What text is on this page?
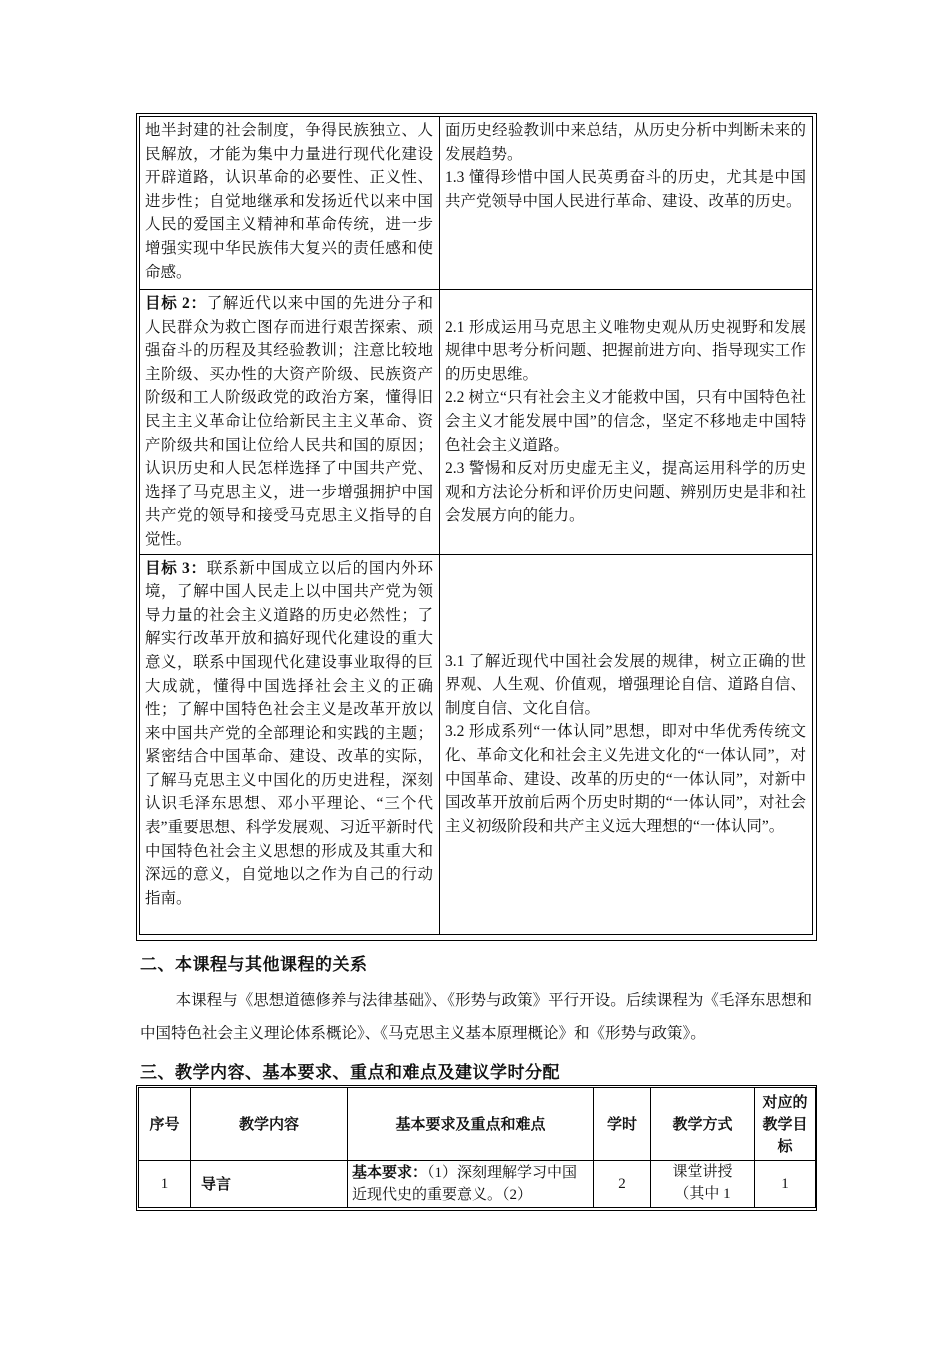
地半封建的社会制度，争得民族独立、人民解放，才能为集中力量进行现代化建设开辟道路，认识革命的必要性、正义性、进步性；自觉地继承和发扬近代以来中国人民的爱国主义精神和革命传统，进一步增强实现中华民族伟大复兴的责任感和使命感。	面历史经验教训中来总结，从历史分析中判断未来的发展趋势。
1.3 懂得珍惜中国人民英勇奋斗的历史，尤其是中国共产党领导中国人民进行革命、建设、改革的历史。

目标 2：了解近代以来中国的先进分子和人民群众为救亡图存而进行艰苦探索、顽强奋斗的历程及其经验教训；注意比较地主阶级、买办性的大资产阶级、民族资产阶级和工人阶级政党的政治方案，懂得旧民主主义革命让位给新民主主义革命、资产阶级共和国让位给人民共和国的原因；认识历史和人民怎样选择了中国共产党、选择了马克思主义，进一步增强拥护中国共产党的领导和接受马克思主义指导的自觉性。	2.1 形成运用马克思主义唯物史观从历史视野和发展规律中思考分析问题、把握前进方向、指导现实工作的历史思维。
2.2 树立“只有社会主义才能救中国，只有中国特色社会主义才能发展中国”的信念，坚定不移地走中国特色社会主义道路。
2.3 警惕和反对历史虚无主义，提高运用科学的历史观和方法论分析和评价历史问题、辨别历史是非和社会发展方向的能力。

目标 3：联系新中国成立以后的国内外环境，了解中国人民走上以中国共产党为领导力量的社会主义道路的历史必然性；了解实行改革开放和搞好现代化建设的重大意义，联系中国现代化建设事业取得的巨大成就，懂得中国选择社会主义的正确性；了解中国特色社会主义是改革开放以来中国共产党的全部理论和实践的主题；紧密结合中国革命、建设、改革的实际，了解马克思主义中国化的历史进程，深刻认识毛泽东思想、邓小平理论、“三个代表”重要思想、科学发展观、习近平新时代中国特色社会主义思想的形成及其重大和深远的意义，自觉地以之作为自己的行动指南。	3.1 了解近现代中国社会发展的规律，树立正确的世界观、人生观、价值观，增强理论自信、道路自信、制度自信、文化自信。
3.2 形成系列“一体认同”思想，即对中华优秀传统文化、革命文化和社会主义先进文化的“一体认同”，对中国革命、建设、改革的历史的“一体认同”，对新中国改革开放前后两个历史时期的“一体认同”，对社会主义初级阶段和共产主义远大理想的“一体认同”。
二、本课程与其他课程的关系
本课程与《思想道德修养与法律基础》、《形势与政策》平行开设。后续课程为《毛泽东思想和中国特色社会主义理论体系概论》、《马克思主义基本原理概论》和《形势与政策》。
三、教学内容、基本要求、重点和难点及建议学时分配
序号	教学内容	基本要求及重点和难点	学时	教学方式	对应的教学目标
1	导言	基本要求：（1）深刻理解学习中国近现代史的重要意义。（2）	2	课堂讲授（其中 1	1
